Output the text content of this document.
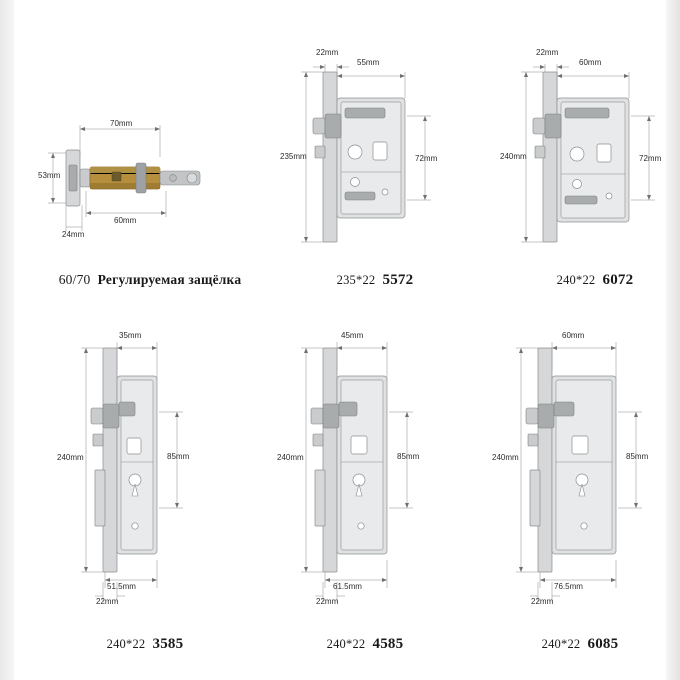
70mm
53mm
60mm
24mm
60/70 Регулируемая защёлка
22mm
55mm
235mm	72mm
235*22 5572
22mm
60mm
240mm	72mm
240*22 6072
35mm
240mm	85mm
51.5mm
22mm
240*22 3585
45mm
240mm	85mm
61.5mm
22mm
240*22 4585
60mm
240mm	85mm
76.5mm
22mm
240*22 6085
